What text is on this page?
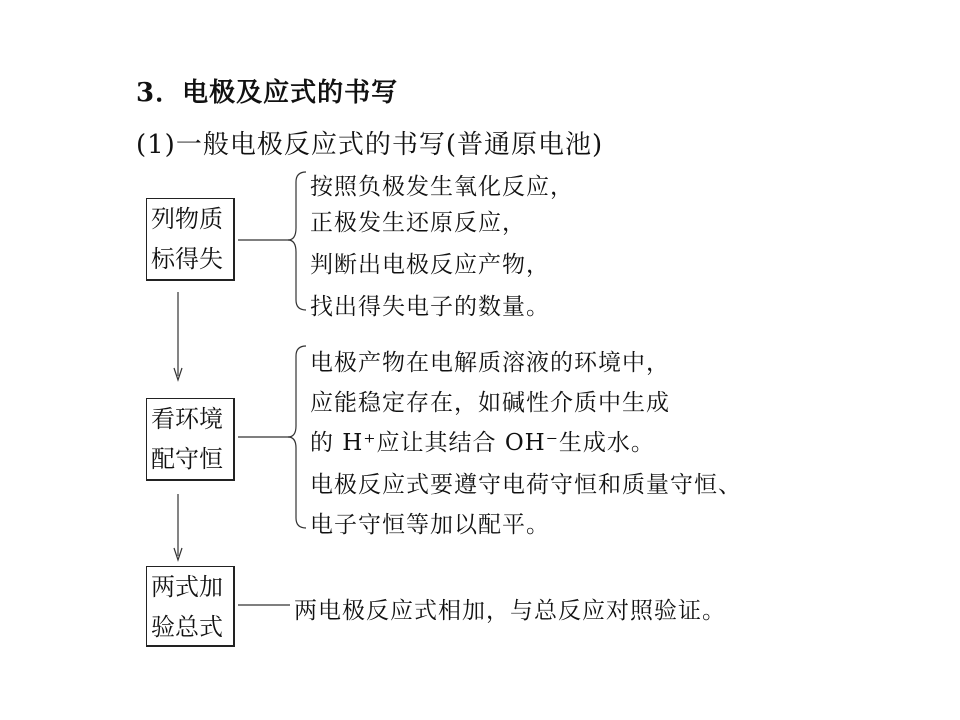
3．电极及应式的书写
(1)一般电极反应式的书写(普通原电池)
列物质
标得失
看环境
配守恒
两式加
验总式
按照负极发生氧化反应，
正极发生还原反应，
判断出电极反应产物，
找出得失电子的数量。
电极产物在电解质溶液的环境中，
应能稳定存在，如碱性介质中生成
的 H⁺应让其结合 OH⁻生成水。
电极反应式要遵守电荷守恒和质量守恒、
电子守恒等加以配平。
两电极反应式相加，与总反应对照验证。
